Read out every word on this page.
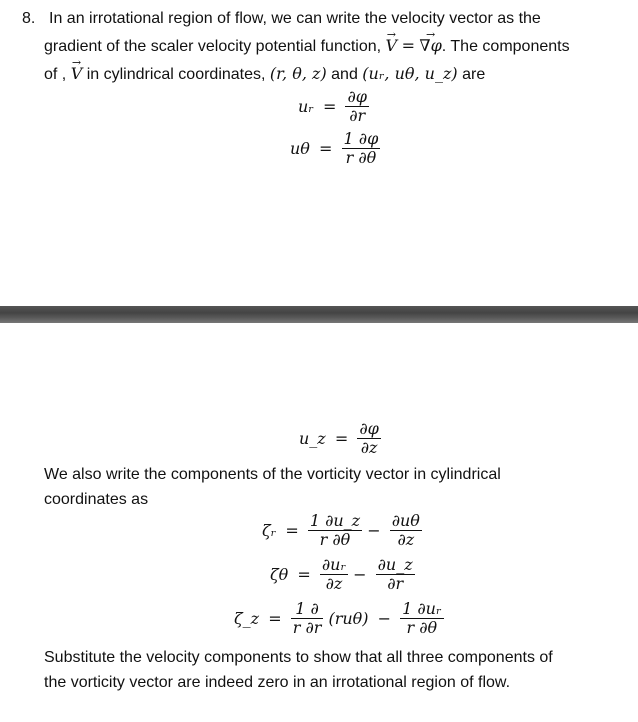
8. In an irrotational region of flow, we can write the velocity vector as the
gradient of the scaler velocity potential function, → V = → ∇φ. The components
of , → V in cylindrical coordinates, (r, θ, z) and (uᵣ, uθ, u_z) are
uᵣ = $\frac{\partial\varphi}{\partial r}$
$u\theta = \frac{1 \partial\varphi}{r \partial\theta}$
u_z = $\frac{\partial\varphi}{\partial z}$
We also write the components of the vorticity vector in cylindrical
coordinates as
ζᵣ = $\frac{1 \partial u\_z}{r \partial\theta} - \frac{\partial u\theta}{\partial z}$
$\zeta\theta = \frac{\text{∂uᵣ}}{\partial z} - \frac{\partial u\_z}{\partial r}$
ζ_z = $\frac{1 \partial}{r \partial r} (ru\theta) - \frac{\text{1 ∂uᵣ}}{r \partial\theta}$
Substitute the velocity components to show that all three components of
the vorticity vector are indeed zero in an irrotational region of flow.
